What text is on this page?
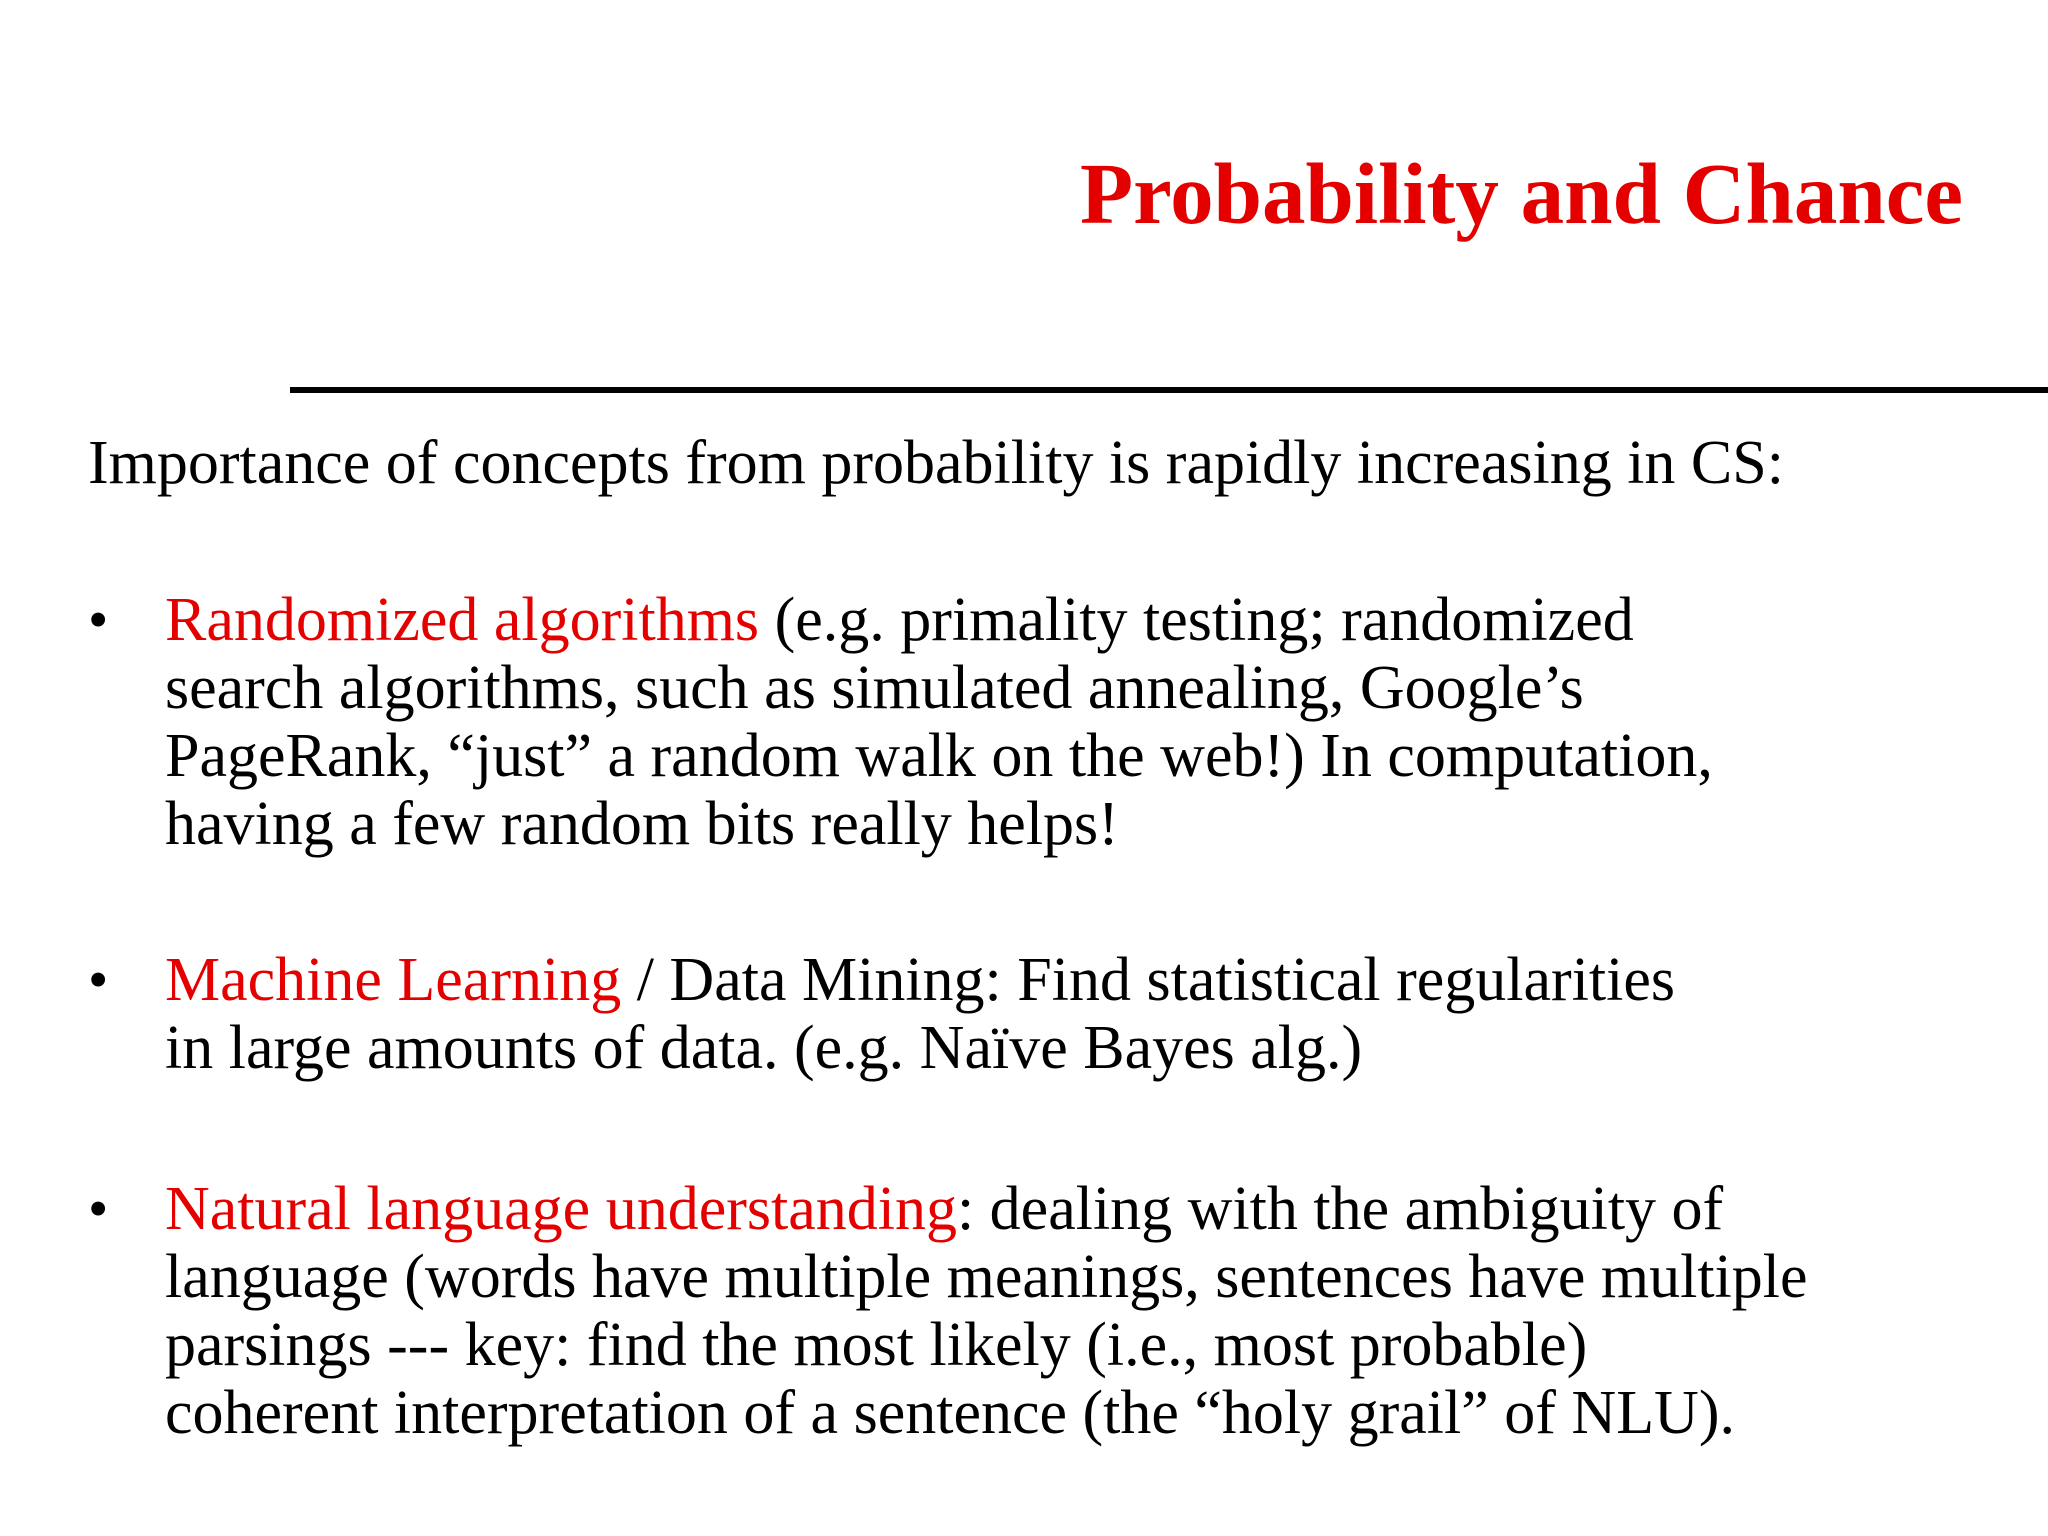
Probability and Chance

Importance of concepts from probability is rapidly increasing in CS:

• Randomized algorithms (e.g. primality testing; randomized
search algorithms, such as simulated annealing, Google’s
PageRank, “just” a random walk on the web!) In computation,
having a few random bits really helps!
• Machine Learning / Data Mining: Find statistical regularities
in large amounts of data. (e.g. Naïve Bayes alg.)
• Natural language understanding: dealing with the ambiguity of
language (words have multiple meanings, sentences have multiple
parsings --- key: find the most likely (i.e., most probable)
coherent interpretation of a sentence (the “holy grail” of NLU).
